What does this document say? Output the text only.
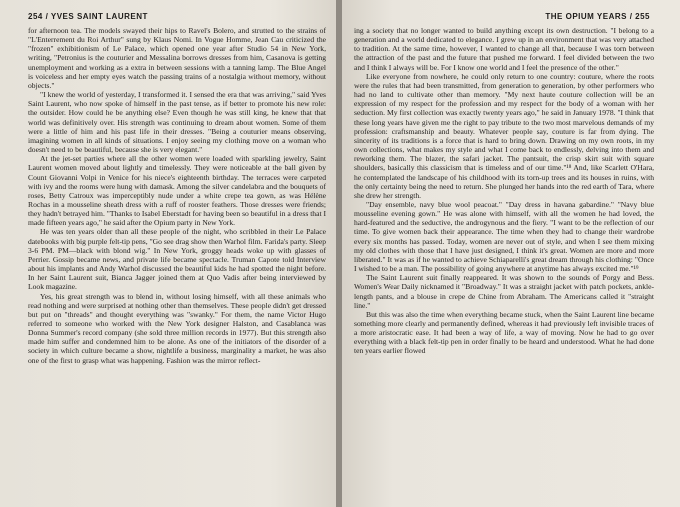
254 / YVES SAINT LAURENT

for afternoon tea. The models swayed their hips to Ravel's Bolero, and strutted to the strains of "L'Enterrement du Roi Arthur" sung by Klaus Nomi. In Vogue Homme, Jean Cau criticized the "frozen" exhibitionism of Le Palace, which opened one year after Studio 54 in New York, writing, "Petronius is the couturier and Messalina borrows dresses from him, Casanova is getting unemployment and working as a extra in between sessions with a tanning lamp. The Blue Angel is voiceless and her empty eyes watch the passing trains of a nostalgia without memory, without objects."

"I knew the world of yesterday, I transformed it. I sensed the era that was arriving," said Yves Saint Laurent, who now spoke of himself in the past tense, as if better to promote his new role: the outsider. How could he be anything else? Even though he was still king, he knew that that world was definitively over. His strength was continuing to dream about women. Some of them were a little of him and his past life in their dresses. "Being a couturier means observing, imagining women in all kinds of situations. I enjoy seeing my clothing move on a woman who doesn't need to be beautiful, because she is very elegant."

At the jet-set parties where all the other women were loaded with sparkling jewelry, Saint Laurent women moved about lightly and timelessly. They were noticeable at the ball given by Count Giovanni Volpi in Venice for his niece's eighteenth birthday. The terraces were carpeted with ivy and the rooms were hung with damask. Among the silver candelabra and the bouquets of roses, Betty Catroux was imperceptibly nude under a white crepe tea gown, as was Hélène Rochas in a mousseline sheath dress with a ruff of rooster feathers. Those dresses were friends; they hadn't betrayed him. "Thanks to Isabel Eberstadt for having been so beautiful in a dress that I made fifteen years ago," he said after the Opium party in New York.

He was ten years older than all these people of the night, who scribbled in their Le Palace datebooks with big purple felt-tip pens, "Go see drag show then Warhol film. Farida's party. Sleep 3-6 PM. PM—black with blond wig." In New York, groggy heads woke up with glasses of Perrier. Gossip became news, and private life became spectacle. Truman Capote told Interview about his implants and Andy Warhol discussed the beautiful kids he had spotted the night before. In her Saint Laurent suit, Bianca Jagger joined them at Quo Vadis after being interviewed by Look magazine.

Yes, his great strength was to blend in, without losing himself, with all these animals who read nothing and were surprised at nothing other than themselves. These people didn't get dressed but put on "threads" and thought everything was "swanky." For them, the name Victor Hugo referred to someone who worked with the New York designer Halston, and Casablanca was Donna Summer's record company (she sold three million records in 1977). But this strength also made him suffer and condemned him to be alone. As one of the initiators of the disorder of a society in which culture became a show, nightlife a business, marginality a market, he was also one of the first to grasp what was happening. Fashion was the mirror reflect-

THE OPIUM YEARS / 255

ing a society that no longer wanted to build anything except its own destruction. "I belong to a generation and a world dedicated to elegance. I grew up in an environment that was very attached to tradition. At the same time, however, I wanted to change all that, because I was torn between the attraction of the past and the future that pushed me forward. I feel divided between the two and I think I always will be. For I know one world and I feel the presence of the other."

Like everyone from nowhere, he could only return to one country: couture, where the roots were the rules that had been transmitted, from generation to generation, by other performers who had no land to cultivate other than memory. "My next haute couture collection will be an expression of my respect for the profession and my respect for the body of a woman with her seduction. My first collection was exactly twenty years ago," he said in January 1978. "I think that these long years have given me the right to pay tribute to the two most marvelous demands of my profession: craftsmanship and beauty. Whatever people say, couture is far from dying. The sincerity of its traditions is a force that is hard to bring down. Drawing on my own roots, in my own collections, what makes my style and what I come back to endlessly, delving into them and reworking them. The blazer, the safari jacket. The pantsuit, the crisp skirt suit with square shoulders, basically this classicism that is timeless and of our time."¹⁸ And, like Scarlett O'Hara, he contemplated the landscape of his childhood with its torn-up trees and its houses in ruins, with the only certainty being the need to return. She plunged her hands into the red earth of Tara, where she drew her strength.

"Day ensemble, navy blue wool peacoat." "Day dress in havana gabardine." "Navy blue mousseline evening gown." He was alone with himself, with all the women he had loved, the hard-featured and the seductive, the androgynous and the fiery. "I want to be the reflection of our time. To give women back their appearance. The time when they had to change their wardrobe every six months has passed. Today, women are never out of style, and when I see them mixing my old clothes with those that I have just designed, I think it's great. Women are more and more liberated." It was as if he wanted to achieve Schiaparelli's great dream through his clothing: "Once I wished to be a man. The possibility of going anywhere at anytime has always excited me."¹⁹

The Saint Laurent suit finally reappeared. It was shown to the sounds of Porgy and Bess. Women's Wear Daily nicknamed it "Broadway." It was a straight jacket with patch pockets, ankle-length pants, and a blouse in crepe de Chine from Abraham. The Americans called it "straight line."

But this was also the time when everything became stuck, when the Saint Laurent line became something more clearly and permanently defined, whereas it had previously left invisible traces of a more aristocratic ease. It had been a way of life, a way of moving. Now he had to go over everything with a black felt-tip pen in order finally to be heard and understood. What he had done ten years earlier flowed
